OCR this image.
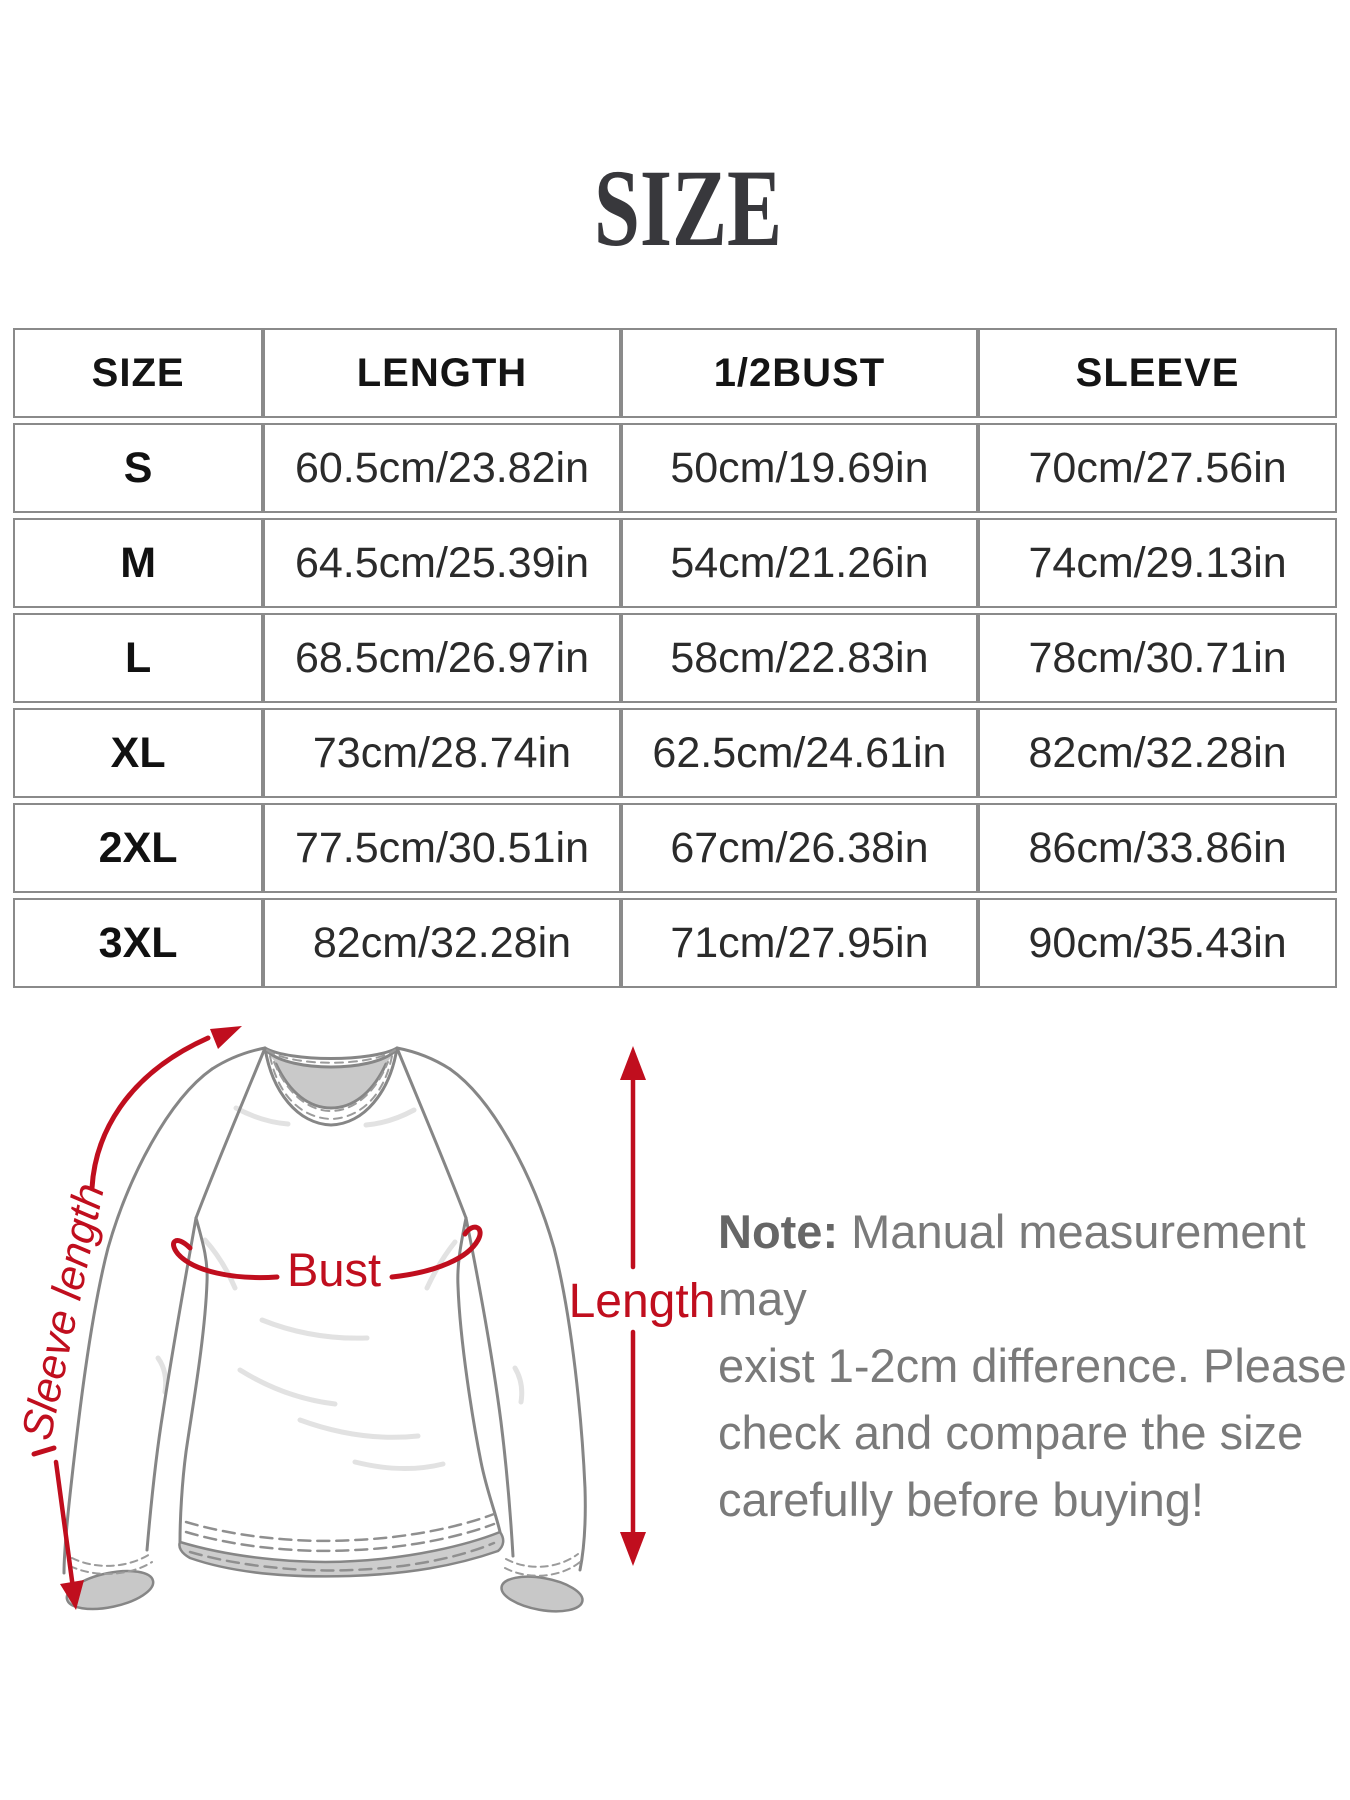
SIZE
SIZE	LENGTH	1/2BUST	SLEEVE
S	60.5cm/23.82in	50cm/19.69in	70cm/27.56in
M	64.5cm/25.39in	54cm/21.26in	74cm/29.13in
L	68.5cm/26.97in	58cm/22.83in	78cm/30.71in
XL	73cm/28.74in	62.5cm/24.61in	82cm/32.28in
2XL	77.5cm/30.51in	67cm/26.38in	86cm/33.86in
3XL	82cm/32.28in	71cm/27.95in	90cm/35.43in
Sleeve length	Bust
Length
Note: Manual measurement may
exist 1-2cm difference. Please
check and compare the size
carefully before buying!
